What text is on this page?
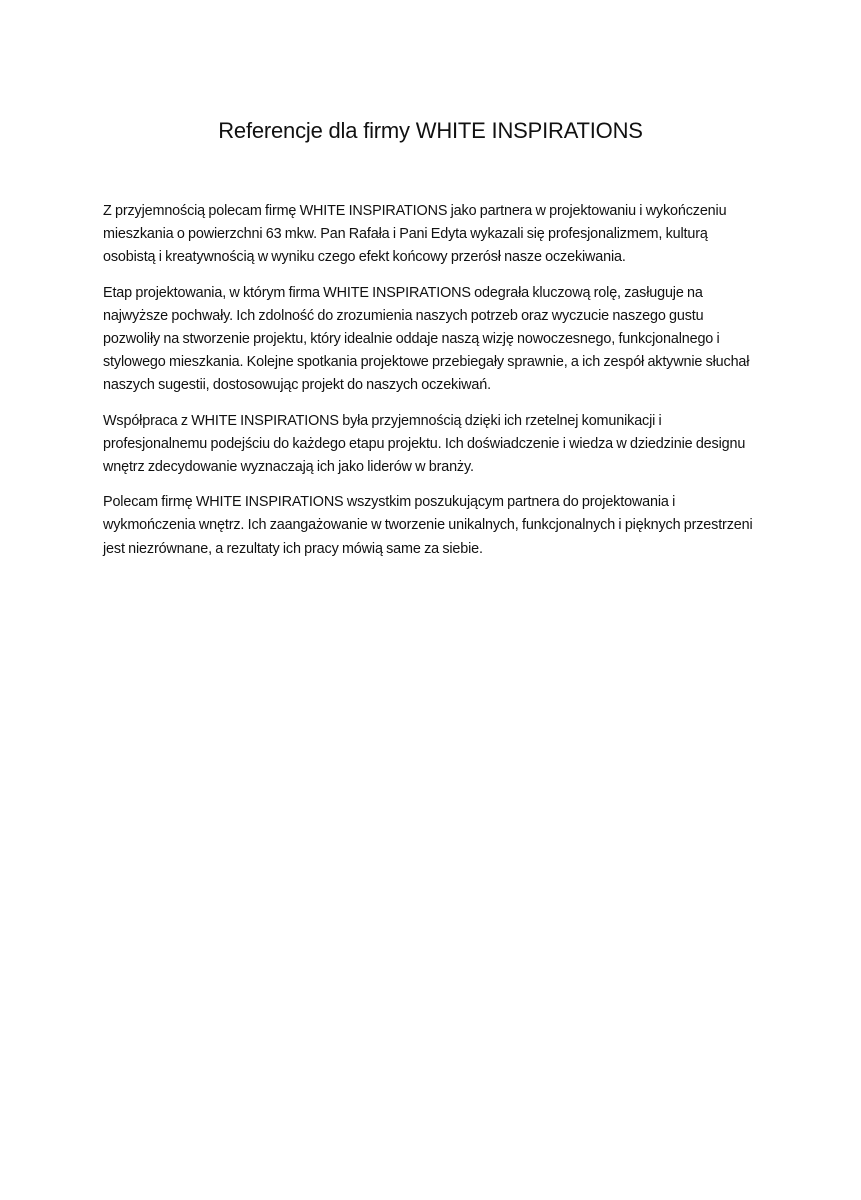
Referencje dla firmy WHITE INSPIRATIONS

Z przyjemnością polecam firmę WHITE INSPIRATIONS jako partnera w projektowaniu i wykończeniu mieszkania o powierzchni 63 mkw. Pan Rafała i Pani Edyta wykazali się profesjonalizmem, kulturą osobistą i kreatywnością w wyniku czego efekt końcowy przerósł nasze oczekiwania.

Etap projektowania, w którym firma WHITE INSPIRATIONS odegrała kluczową rolę, zasługuje na najwyższe pochwały. Ich zdolność do zrozumienia naszych potrzeb oraz wyczucie naszego gustu pozwoliły na stworzenie projektu, który idealnie oddaje naszą wizję nowoczesnego, funkcjonalnego i stylowego mieszkania. Kolejne spotkania projektowe przebiegały sprawnie, a ich zespół aktywnie słuchał naszych sugestii, dostosowując projekt do naszych oczekiwań.

Współpraca z WHITE INSPIRATIONS była przyjemnością dzięki ich rzetelnej komunikacji i profesjonalnemu podejściu do każdego etapu projektu. Ich doświadczenie i wiedza w dziedzinie designu wnętrz zdecydowanie wyznaczają ich jako liderów w branży.

Polecam firmę WHITE INSPIRATIONS wszystkim poszukującym partnera do projektowania i wykmończenia wnętrz. Ich zaangażowanie w tworzenie unikalnych, funkcjonalnych i pięknych przestrzeni jest niezrównane, a rezultaty ich pracy mówią same za siebie.
